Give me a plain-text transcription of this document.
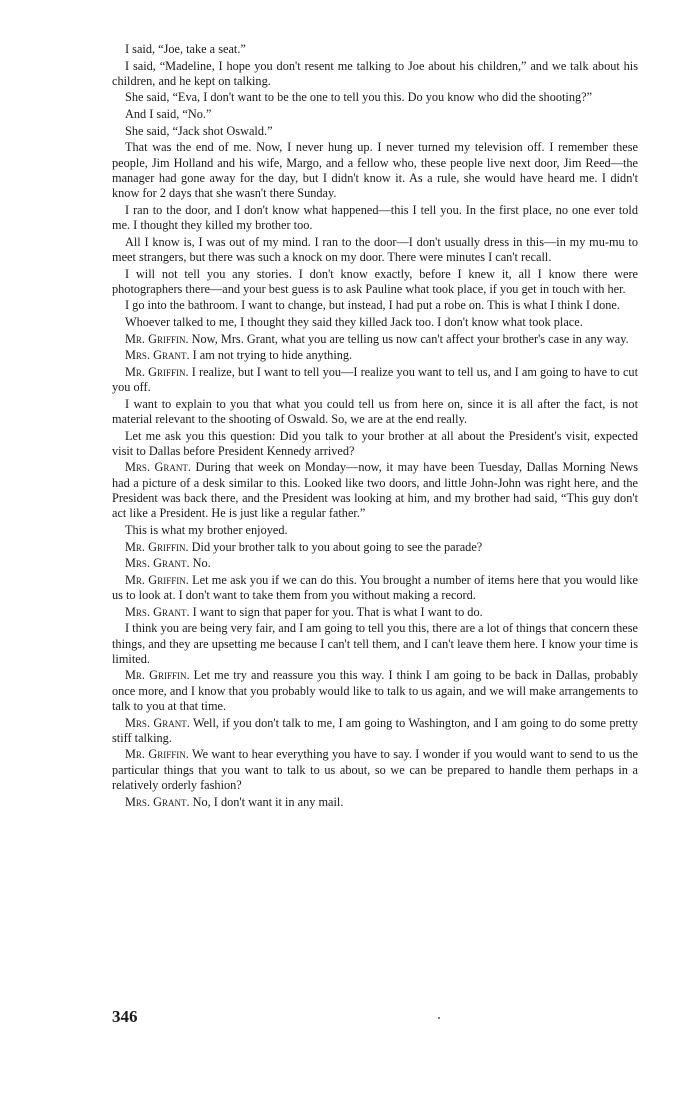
I said, “Joe, take a seat.”

I said, “Madeline, I hope you don't resent me talking to Joe about his children,” and we talk about his children, and he kept on talking.

She said, “Eva, I don't want to be the one to tell you this. Do you know who did the shooting?”

And I said, “No.”

She said, “Jack shot Oswald.”

That was the end of me. Now, I never hung up. I never turned my television off. I remember these people, Jim Holland and his wife, Margo, and a fellow who, these people live next door, Jim Reed—the manager had gone away for the day, but I didn't know it. As a rule, she would have heard me. I didn't know for 2 days that she wasn't there Sunday.

I ran to the door, and I don't know what happened—this I tell you. In the first place, no one ever told me. I thought they killed my brother too.

All I know is, I was out of my mind. I ran to the door—I don't usually dress in this—in my mu-mu to meet strangers, but there was such a knock on my door. There were minutes I can't recall.

I will not tell you any stories. I don't know exactly, before I knew it, all I know there were photographers there—and your best guess is to ask Pauline what took place, if you get in touch with her.

I go into the bathroom. I want to change, but instead, I had put a robe on. This is what I think I done.

Whoever talked to me, I thought they said they killed Jack too. I don't know what took place.

Mr. Griffin. Now, Mrs. Grant, what you are telling us now can't affect your brother's case in any way.

Mrs. Grant. I am not trying to hide anything.

Mr. Griffin. I realize, but I want to tell you—I realize you want to tell us, and I am going to have to cut you off.

I want to explain to you that what you could tell us from here on, since it is all after the fact, is not material relevant to the shooting of Oswald. So, we are at the end really.

Let me ask you this question: Did you talk to your brother at all about the President's visit, expected visit to Dallas before President Kennedy arrived?

Mrs. Grant. During that week on Monday—now, it may have been Tuesday, Dallas Morning News had a picture of a desk similar to this. Looked like two doors, and little John-John was right here, and the President was back there, and the President was looking at him, and my brother had said, “This guy don't act like a President. He is just like a regular father.”

This is what my brother enjoyed.

Mr. Griffin. Did your brother talk to you about going to see the parade?

Mrs. Grant. No.

Mr. Griffin. Let me ask you if we can do this. You brought a number of items here that you would like us to look at. I don't want to take them from you without making a record.

Mrs. Grant. I want to sign that paper for you. That is what I want to do.

I think you are being very fair, and I am going to tell you this, there are a lot of things that concern these things, and they are upsetting me because I can't tell them, and I can't leave them here. I know your time is limited.

Mr. Griffin. Let me try and reassure you this way. I think I am going to be back in Dallas, probably once more, and I know that you probably would like to talk to us again, and we will make arrangements to talk to you at that time.

Mrs. Grant. Well, if you don't talk to me, I am going to Washington, and I am going to do some pretty stiff talking.

Mr. Griffin. We want to hear everything you have to say. I wonder if you would want to send to us the particular things that you want to talk to us about, so we can be prepared to handle them perhaps in a relatively orderly fashion?

Mrs. Grant. No, I don't want it in any mail.

346
